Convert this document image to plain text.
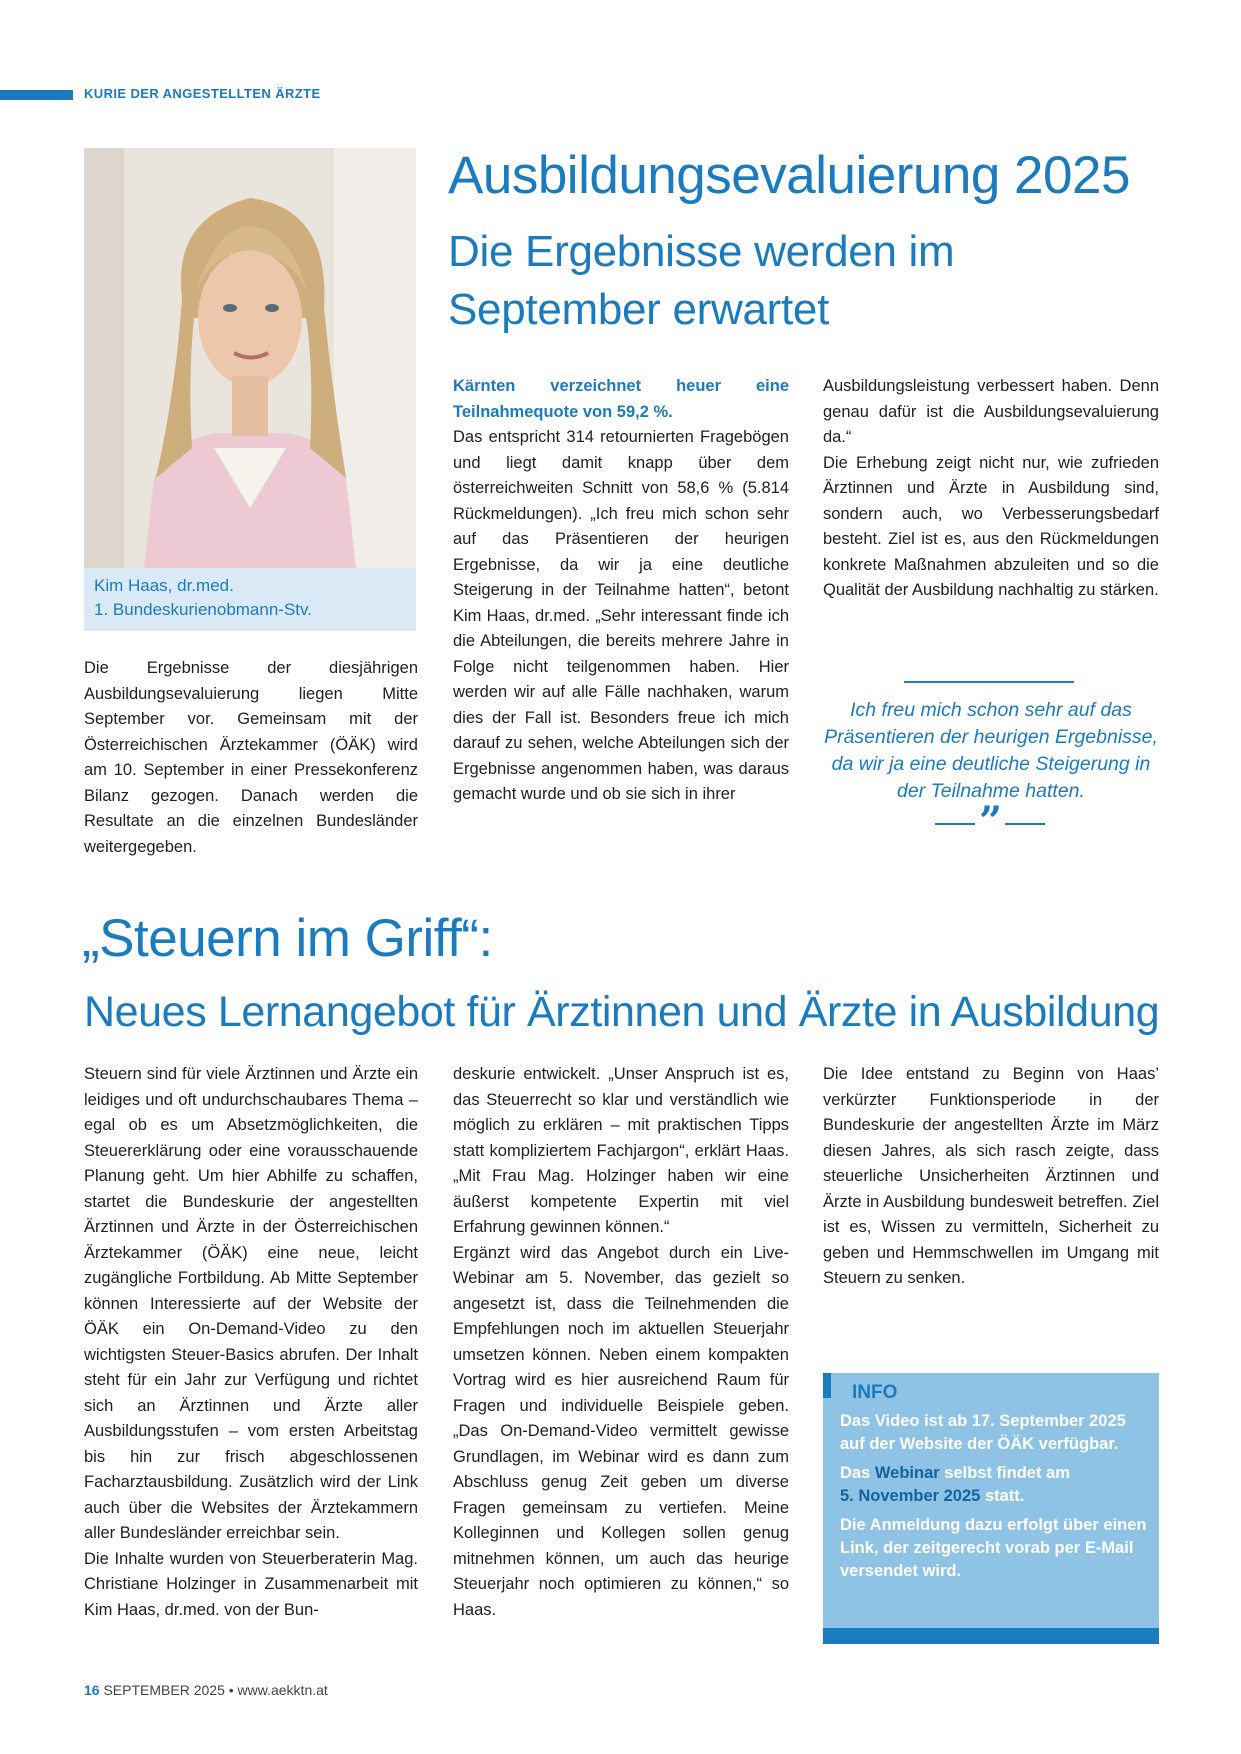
KURIE DER ANGESTELLTEN ÄRZTE
Kim Haas, dr.med.
1. Bundeskurienobmann-Stv.
Ausbildungsevaluierung 2025
Die Ergebnisse werden im September erwartet

Die Ergebnisse der diesjährigen Ausbildungsevaluierung liegen Mitte September vor. Gemeinsam mit der Österreichischen Ärztekammer (ÖÄK) wird am 10. September in einer Pressekonferenz Bilanz gezogen. Danach werden die Resultate an die einzelnen Bundesländer weitergegeben.

Kärnten verzeichnet heuer eine Teilnahmequote von 59,2 %.

Das entspricht 314 retournierten Fragebögen und liegt damit knapp über dem österreichweiten Schnitt von 58,6 % (5.814 Rückmeldungen). „Ich freu mich schon sehr auf das Präsentieren der heurigen Ergebnisse, da wir ja eine deutliche Steigerung in der Teilnahme hatten“, betont Kim Haas, dr.med. „Sehr interessant finde ich die Abteilungen, die bereits mehrere Jahre in Folge nicht teilgenommen haben. Hier werden wir auf alle Fälle nachhaken, warum dies der Fall ist. Besonders freue ich mich darauf zu sehen, welche Abteilungen sich der Ergebnisse angenommen haben, was daraus gemacht wurde und ob sie sich in ihrer

Ausbildungsleistung verbessert haben. Denn genau dafür ist die Ausbildungsevaluierung da.“

Die Erhebung zeigt nicht nur, wie zufrieden Ärztinnen und Ärzte in Ausbildung sind, sondern auch, wo Verbesserungsbedarf besteht. Ziel ist es, aus den Rückmeldungen konkrete Maßnahmen abzuleiten und so die Qualität der Ausbildung nachhaltig zu stärken.

Ich freu mich schon sehr auf das Präsentieren der heurigen Ergebnisse, da wir ja eine deutliche Steigerung in der Teilnahme hatten.
”
„Steuern im Griff“:
Neues Lernangebot für Ärztinnen und Ärzte in Ausbildung

Steuern sind für viele Ärztinnen und Ärzte ein leidiges und oft undurchschaubares Thema – egal ob es um Absetzmöglichkeiten, die Steuererklärung oder eine vorausschauende Planung geht. Um hier Abhilfe zu schaffen, startet die Bundeskurie der angestellten Ärztinnen und Ärzte in der Österreichischen Ärztekammer (ÖÄK) eine neue, leicht zugängliche Fortbildung. Ab Mitte September können Interessierte auf der Website der ÖÄK ein On-Demand-Video zu den wichtigsten Steuer-Basics abrufen. Der Inhalt steht für ein Jahr zur Verfügung und richtet sich an Ärztinnen und Ärzte aller Ausbildungsstufen – vom ersten Arbeitstag bis hin zur frisch abgeschlossenen Facharztausbildung. Zusätzlich wird der Link auch über die Websites der Ärztekammern aller Bundesländer erreichbar sein.

Die Inhalte wurden von Steuerberaterin Mag. Christiane Holzinger in Zusammenarbeit mit Kim Haas, dr.med. von der Bun-

deskurie entwickelt. „Unser Anspruch ist es, das Steuerrecht so klar und verständlich wie möglich zu erklären – mit praktischen Tipps statt kompliziertem Fachjargon“, erklärt Haas. „Mit Frau Mag. Holzinger haben wir eine äußerst kompetente Expertin mit viel Erfahrung gewinnen können.“

Ergänzt wird das Angebot durch ein Live-Webinar am 5. November, das gezielt so angesetzt ist, dass die Teilnehmenden die Empfehlungen noch im aktuellen Steuerjahr umsetzen können. Neben einem kompakten Vortrag wird es hier ausreichend Raum für Fragen und individuelle Beispiele geben. „Das On-Demand-Video vermittelt gewisse Grundlagen, im Webinar wird es dann zum Abschluss genug Zeit geben um diverse Fragen gemeinsam zu vertiefen. Meine Kolleginnen und Kollegen sollen genug mitnehmen können, um auch das heurige Steuerjahr noch optimieren zu können,“ so Haas.

Die Idee entstand zu Beginn von Haas’ verkürzter Funktionsperiode in der Bundeskurie der angestellten Ärzte im März diesen Jahres, als sich rasch zeigte, dass steuerliche Unsicherheiten Ärztinnen und Ärzte in Ausbildung bundesweit betreffen. Ziel ist es, Wissen zu vermitteln, Sicherheit zu geben und Hemmschwellen im Umgang mit Steuern zu senken.

INFO

Das Video ist ab 17. September 2025
auf der Website der ÖÄK verfügbar.

Das Webinar selbst findet am
5. November 2025 statt.

Die Anmeldung dazu erfolgt über einen Link, der zeitgerecht vorab per E-Mail versendet wird.

16 SEPTEMBER 2025 • www.aekktn.at
